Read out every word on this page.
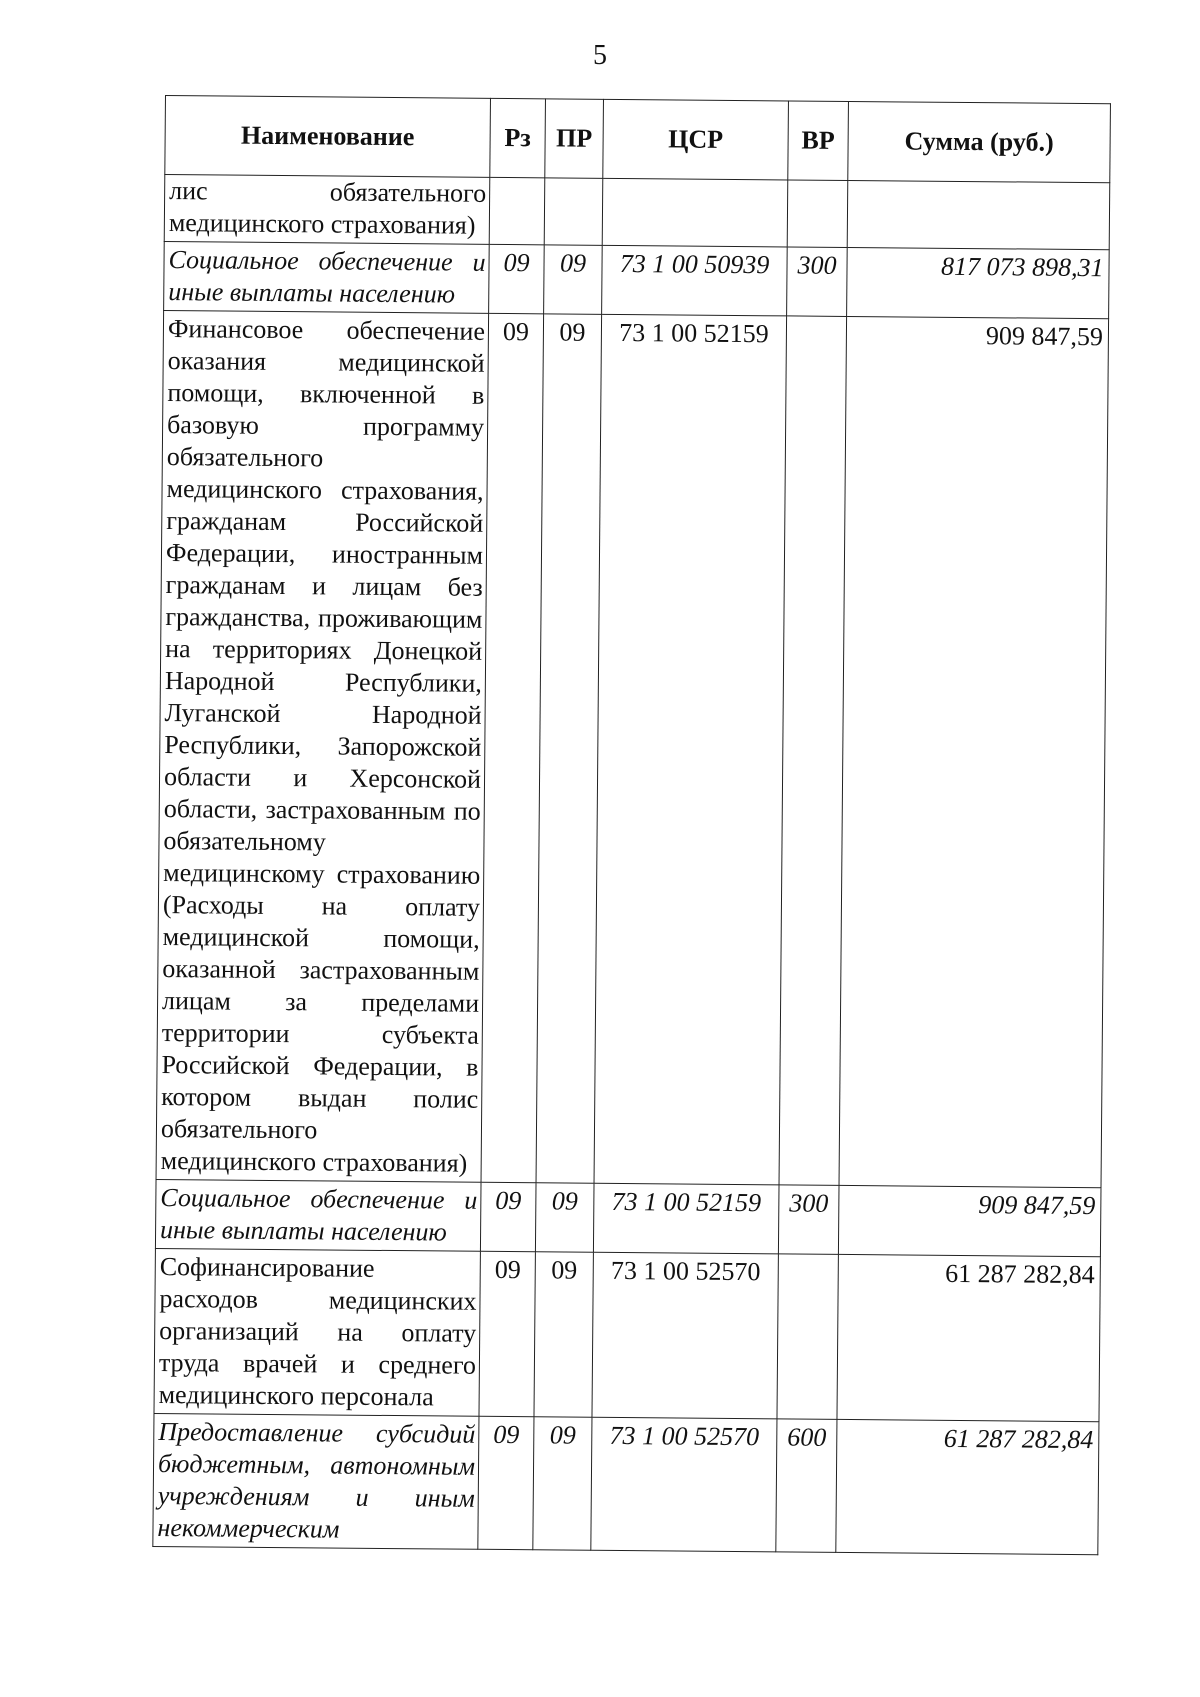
5
Наименование	Рз	ПР	ЦСР	ВР	Сумма (руб.)
лис обязательного медицинского страхования)					
Социальное обеспечение и иные выплаты населению	09	09	73 1 00 50939	300	817 073 898,31
Финансовое обеспечение оказания медицинской помощи, включенной в базовую программу обязательного медицинского страхования, гражданам Российской Федерации, иностранным гражданам и лицам без гражданства, проживающим на территориях Донецкой Народной Республики, Луганской Народной Республики, Запорожской области и Херсонской области, застрахованным по обязательному медицинскому страхованию (Расходы на оплату медицинской помощи, оказанной застрахованным лицам за пределами территории субъекта Российской Федерации, в котором выдан полис обязательного медицинского страхования)	09	09	73 1 00 52159		909 847,59
Социальное обеспечение и иные выплаты населению	09	09	73 1 00 52159	300	909 847,59
Софинансирование расходов медицинских организаций на оплату труда врачей и среднего медицинского персонала	09	09	73 1 00 52570		61 287 282,84
Предоставление субсидий бюджетным, автономным учреждениям и иным некоммерческим	09	09	73 1 00 52570	600	61 287 282,84
